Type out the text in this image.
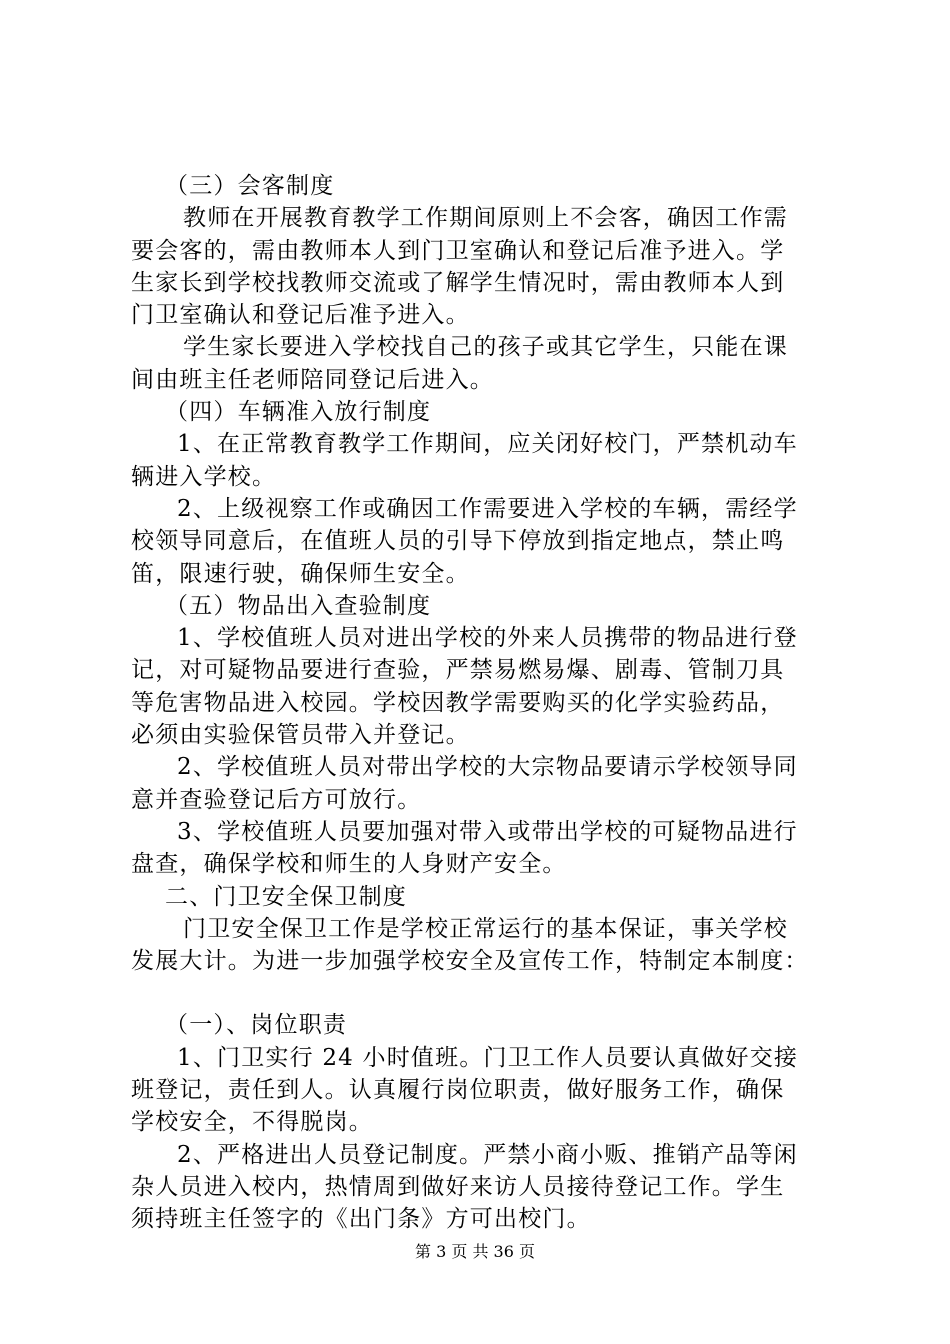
（三）会客制度
教师在开展教育教学工作期间原则上不会客，确因工作需
要会客的，需由教师本人到门卫室确认和登记后准予进入。学
生家长到学校找教师交流或了解学生情况时，需由教师本人到
门卫室确认和登记后准予进入。
学生家长要进入学校找自己的孩子或其它学生，只能在课
间由班主任老师陪同登记后进入。
（四）车辆准入放行制度
1、在正常教育教学工作期间，应关闭好校门，严禁机动车
辆进入学校。
2、上级视察工作或确因工作需要进入学校的车辆，需经学
校领导同意后，在值班人员的引导下停放到指定地点，禁止鸣
笛，限速行驶，确保师生安全。
（五）物品出入查验制度
1、学校值班人员对进出学校的外来人员携带的物品进行登
记，对可疑物品要进行查验，严禁易燃易爆、剧毒、管制刀具
等危害物品进入校园。学校因教学需要购买的化学实验药品，
必须由实验保管员带入并登记。
2、学校值班人员对带出学校的大宗物品要请示学校领导同
意并查验登记后方可放行。
3、学校值班人员要加强对带入或带出学校的可疑物品进行
盘查，确保学校和师生的人身财产安全。
二、门卫安全保卫制度
门卫安全保卫工作是学校正常运行的基本保证，事关学校
发展大计。为进一步加强学校安全及宣传工作，特制定本制度：
（一）、岗位职责
1、门卫实行 24 小时值班。门卫工作人员要认真做好交接
班登记，责任到人。认真履行岗位职责，做好服务工作，确保
学校安全，不得脱岗。
2、严格进出人员登记制度。严禁小商小贩、推销产品等闲
杂人员进入校内，热情周到做好来访人员接待登记工作。学生
须持班主任签字的《出门条》方可出校门。
第 3 页 共 36 页
